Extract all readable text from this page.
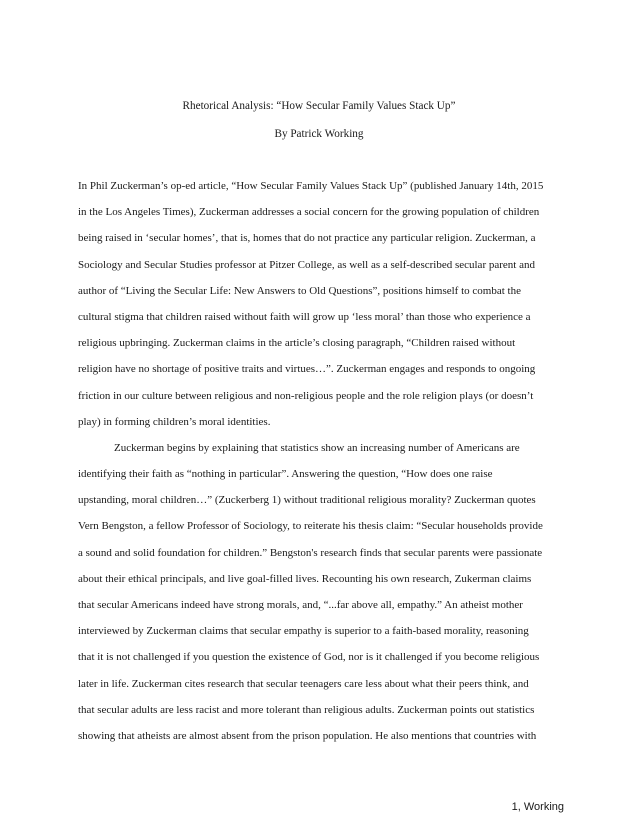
Rhetorical Analysis: “How Secular Family Values Stack Up”
By Patrick Working
In Phil Zuckerman’s op-ed article, “How Secular Family Values Stack Up” (published January 14th, 2015
in the Los Angeles Times), Zuckerman addresses a social concern for the growing population of children
being raised in ‘secular homes’, that is, homes that do not practice any particular religion. Zuckerman, a
Sociology and Secular Studies professor at Pitzer College, as well as a self-described secular parent and
author of “Living the Secular Life: New Answers to Old Questions”, positions himself to combat the
cultural stigma that children raised without faith will grow up ‘less moral’ than those who experience a
religious upbringing. Zuckerman claims in the article’s closing paragraph, “Children raised without
religion have no shortage of positive traits and virtues…”. Zuckerman engages and responds to ongoing
friction in our culture between religious and non-religious people and the role religion plays (or doesn’t
play) in forming children’s moral identities.
Zuckerman begins by explaining that statistics show an increasing number of Americans are
identifying their faith as “nothing in particular”. Answering the question, “How does one raise
upstanding, moral children…” (Zuckerberg 1) without traditional religious morality? Zuckerman quotes
Vern Bengston, a fellow Professor of Sociology, to reiterate his thesis claim: “Secular households provide
a sound and solid foundation for children.” Bengston's research finds that secular parents were passionate
about their ethical principals, and live goal-filled lives. Recounting his own research, Zukerman claims
that secular Americans indeed have strong morals, and, “...far above all, empathy.” An atheist mother
interviewed by Zuckerman claims that secular empathy is superior to a faith-based morality, reasoning
that it is not challenged if you question the existence of God, nor is it challenged if you become religious
later in life. Zuckerman cites research that secular teenagers care less about what their peers think, and
that secular adults are less racist and more tolerant than religious adults. Zuckerman points out statistics
showing that atheists are almost absent from the prison population. He also mentions that countries with
1, Working
